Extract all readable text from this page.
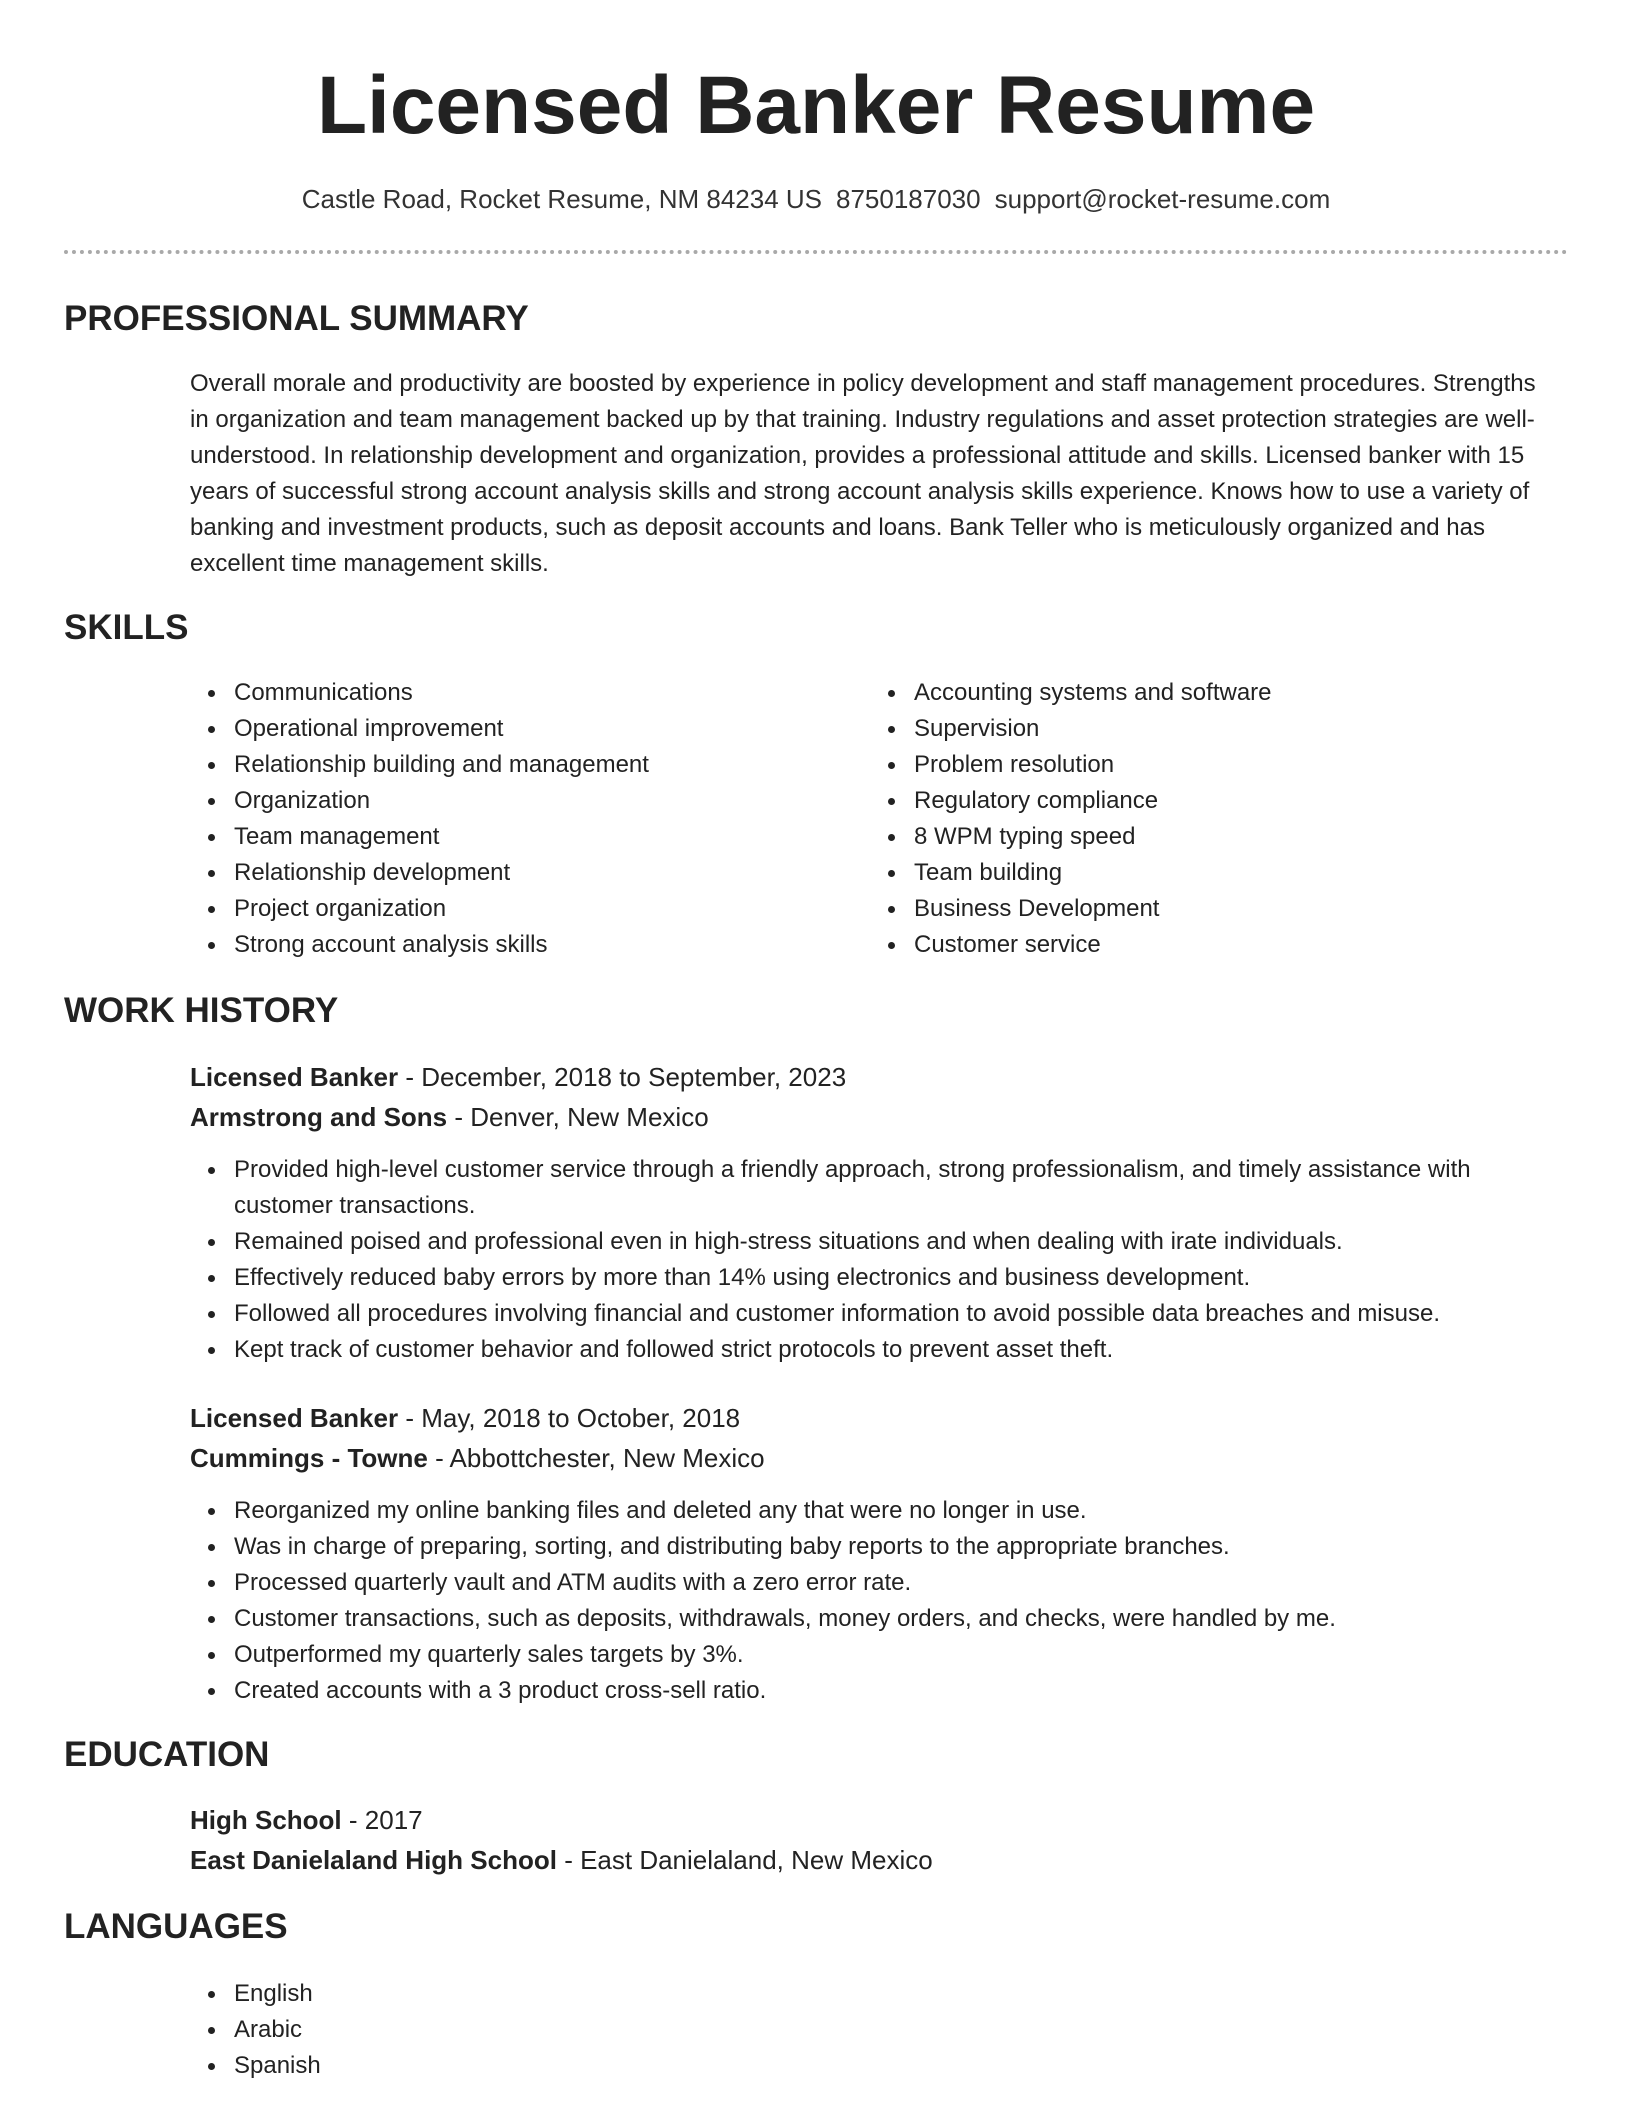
Licensed Banker Resume
Castle Road, Rocket Resume, NM 84234 US 8750187030 support@rocket-resume.com
PROFESSIONAL SUMMARY

Overall morale and productivity are boosted by experience in policy development and staff management procedures. Strengths in organization and team management backed up by that training. Industry regulations and asset protection strategies are well-understood. In relationship development and organization, provides a professional attitude and skills. Licensed banker with 15 years of successful strong account analysis skills and strong account analysis skills experience. Knows how to use a variety of banking and investment products, such as deposit accounts and loans. Bank Teller who is meticulously organized and has excellent time management skills.

SKILLS
Communications
Operational improvement
Relationship building and management
Organization
Team management
Relationship development
Project organization
Strong account analysis skills
Accounting systems and software
Supervision
Problem resolution
Regulatory compliance
8 WPM typing speed
Team building
Business Development
Customer service
WORK HISTORY
Licensed Banker - December, 2018 to September, 2023
Armstrong and Sons - Denver, New Mexico
Provided high-level customer service through a friendly approach, strong professionalism, and timely assistance with customer transactions.
Remained poised and professional even in high-stress situations and when dealing with irate individuals.
Effectively reduced baby errors by more than 14% using electronics and business development.
Followed all procedures involving financial and customer information to avoid possible data breaches and misuse.
Kept track of customer behavior and followed strict protocols to prevent asset theft.
Licensed Banker - May, 2018 to October, 2018
Cummings - Towne - Abbottchester, New Mexico
Reorganized my online banking files and deleted any that were no longer in use.
Was in charge of preparing, sorting, and distributing baby reports to the appropriate branches.
Processed quarterly vault and ATM audits with a zero error rate.
Customer transactions, such as deposits, withdrawals, money orders, and checks, were handled by me.
Outperformed my quarterly sales targets by 3%.
Created accounts with a 3 product cross-sell ratio.
EDUCATION
High School - 2017
East Danielaland High School - East Danielaland, New Mexico
LANGUAGES
English
Arabic
Spanish
